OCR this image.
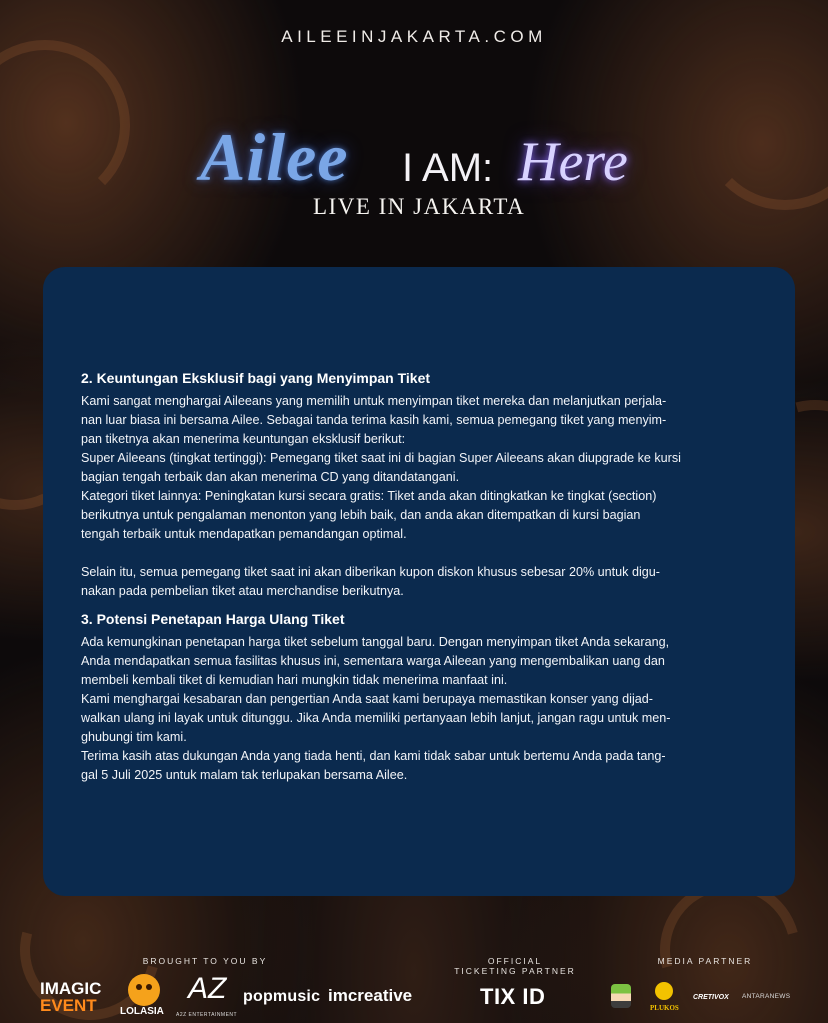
AILEEINJAKARTA.COM
Ailee I AM: Here
LIVE IN JAKARTA
2. Keuntungan Eksklusif bagi yang Menyimpan Tiket
Kami sangat menghargai Aileeans yang memilih untuk menyimpan tiket mereka dan melanjutkan perjala-
nan luar biasa ini bersama Ailee. Sebagai tanda terima kasih kami, semua pemegang tiket yang menyim-
pan tiketnya akan menerima keuntungan eksklusif berikut:
Super Aileeans (tingkat tertinggi): Pemegang tiket saat ini di bagian Super Aileeans akan diupgrade ke kursi
bagian tengah terbaik dan akan menerima CD yang ditandatangani.
Kategori tiket lainnya: Peningkatan kursi secara gratis: Tiket anda akan ditingkatkan ke tingkat (section)
berikutnya untuk pengalaman menonton yang lebih baik, dan anda akan ditempatkan di kursi bagian
tengah terbaik untuk mendapatkan pemandangan optimal.
Selain itu, semua pemegang tiket saat ini akan diberikan kupon diskon khusus sebesar 20% untuk digu-
nakan pada pembelian tiket atau merchandise berikutnya.
3. Potensi Penetapan Harga Ulang Tiket
Ada kemungkinan penetapan harga tiket sebelum tanggal baru. Dengan menyimpan tiket Anda sekarang,
Anda mendapatkan semua fasilitas khusus ini, sementara warga Aileean yang mengembalikan uang dan
membeli kembali tiket di kemudian hari mungkin tidak menerima manfaat ini.
Kami menghargai kesabaran dan pengertian Anda saat kami berupaya memastikan konser yang dijad-
walkan ulang ini layak untuk ditunggu. Jika Anda memiliki pertanyaan lebih lanjut, jangan ragu untuk men-
ghubungi tim kami.
Terima kasih atas dukungan Anda yang tiada henti, dan kami tidak sabar untuk bertemu Anda pada tang-
gal 5 Juli 2025 untuk malam tak terlupakan bersama Ailee.
BROUGHT TO YOU BY	OFFICIAL
TICKETING PARTNER
MEDIA PARTNER
IMAGIC
EVENT	LOLASIA
AZ
A2Z ENTERTAINMENT
popmusic imcreative	TIX ID	PLUKOS
CRETIVOX ANTARANEWS
